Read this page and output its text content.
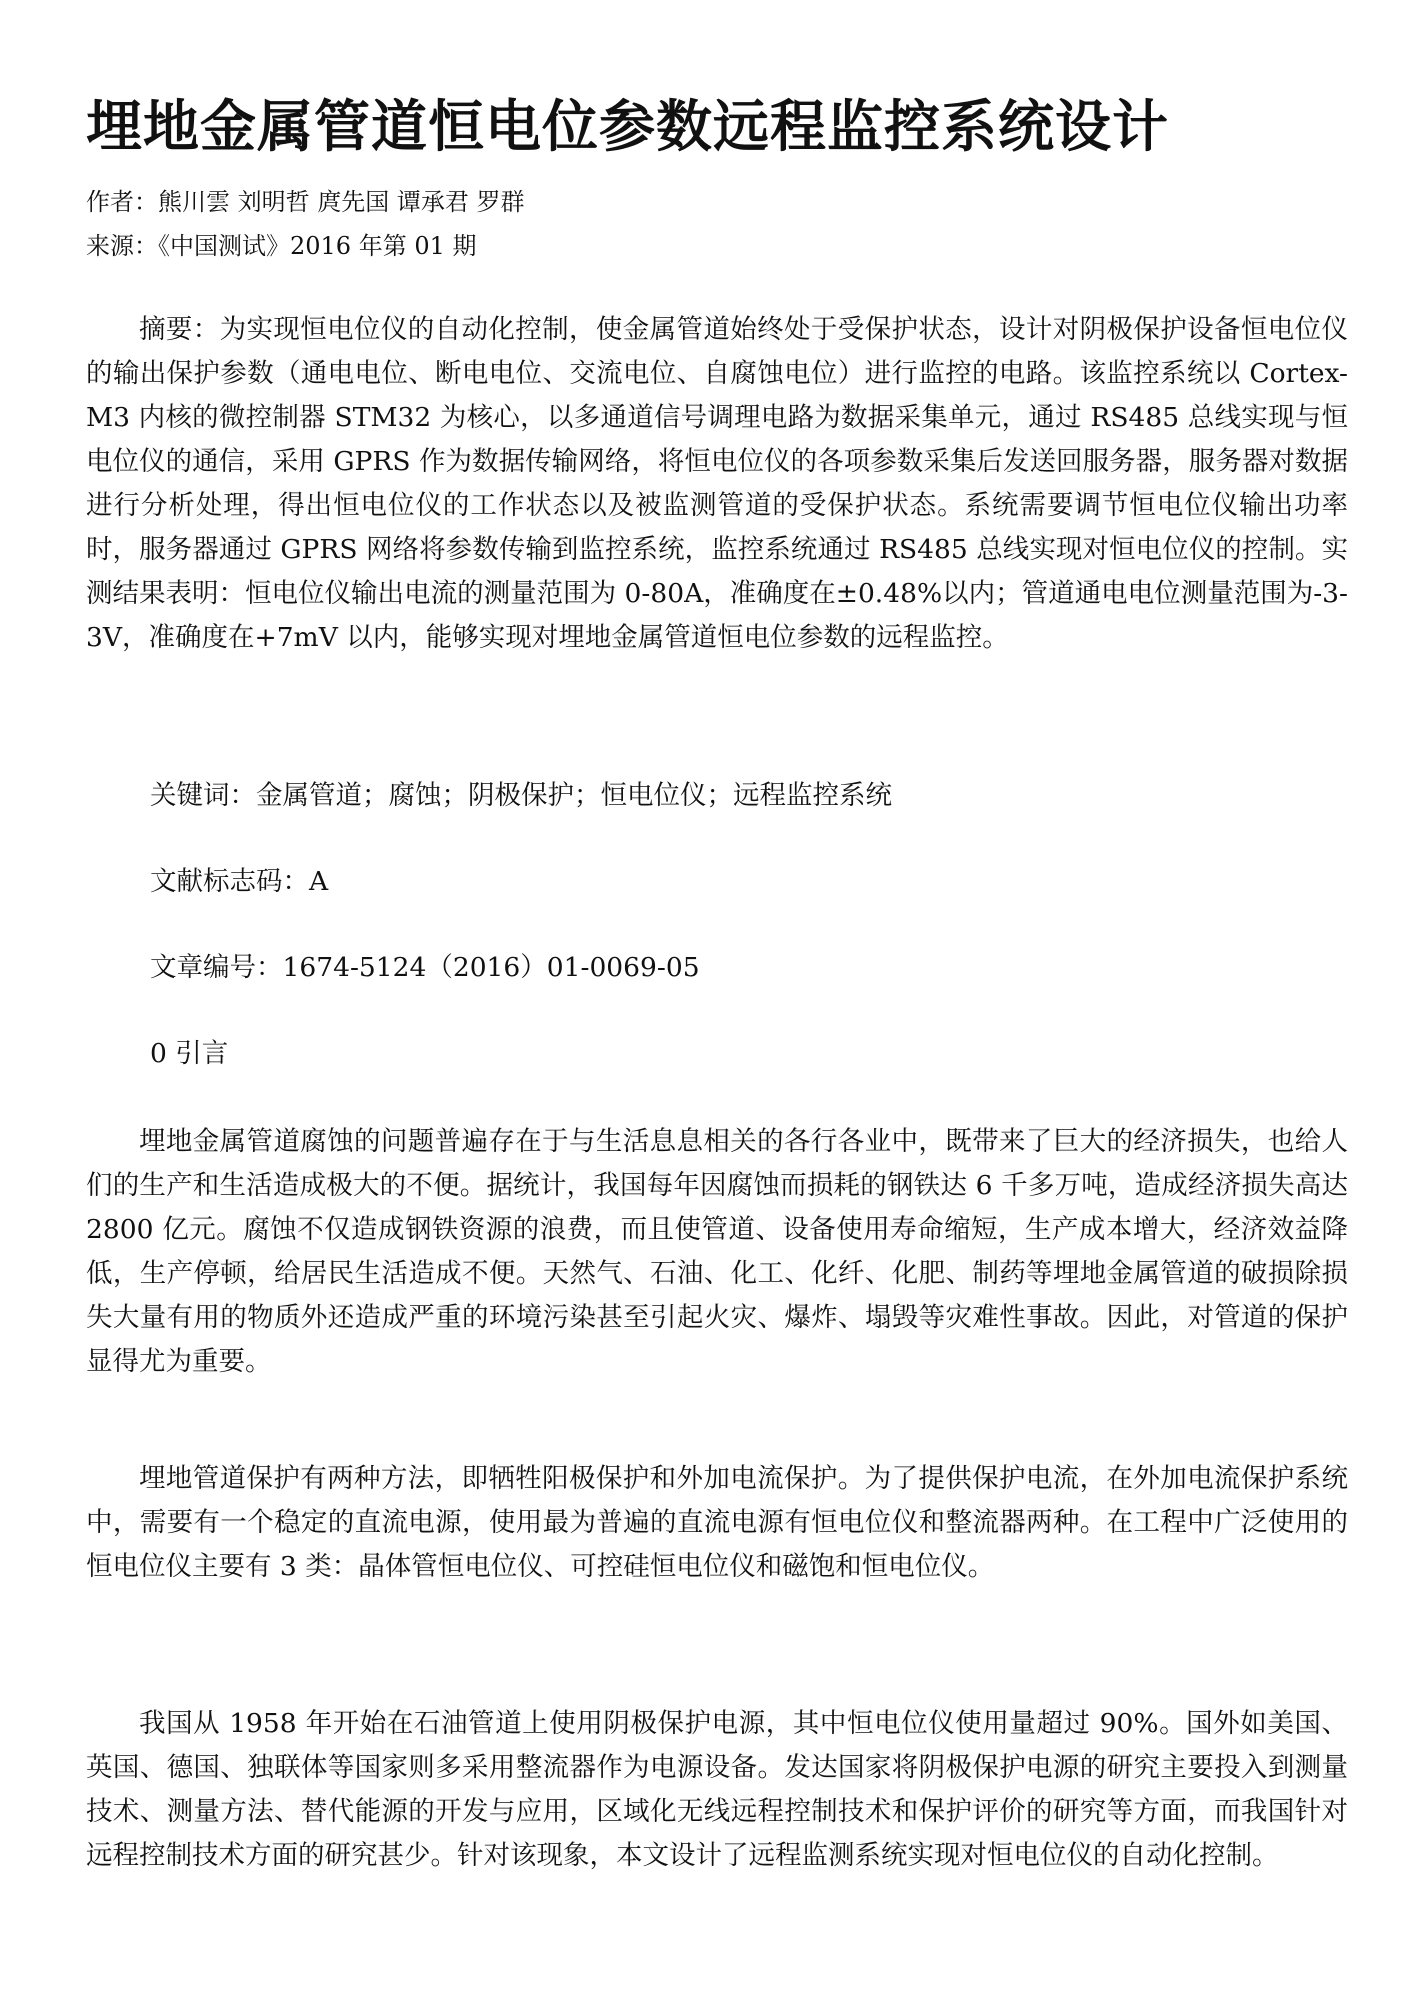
埋地金属管道恒电位参数远程监控系统设计
作者：熊川雲 刘明哲 庹先国 谭承君 罗群
来源：《中国测试》2016 年第 01 期

摘要：为实现恒电位仪的自动化控制，使金属管道始终处于受保护状态，设计对阴极保护设备恒电位仪的输出保护参数（通电电位、断电电位、交流电位、自腐蚀电位）进行监控的电路。该监控系统以 Cortex-M3 内核的微控制器 STM32 为核心，以多通道信号调理电路为数据采集单元，通过 RS485 总线实现与恒电位仪的通信，采用 GPRS 作为数据传输网络，将恒电位仪的各项参数采集后发送回服务器，服务器对数据进行分析处理，得出恒电位仪的工作状态以及被监测管道的受保护状态。系统需要调节恒电位仪输出功率时，服务器通过 GPRS 网络将参数传输到监控系统，监控系统通过 RS485 总线实现对恒电位仪的控制。实测结果表明：恒电位仪输出电流的测量范围为 0-80A，准确度在±0.48%以内；管道通电电位测量范围为-3-3V，准确度在+7mV 以内，能够实现对埋地金属管道恒电位参数的远程监控。

关键词：金属管道；腐蚀；阴极保护；恒电位仪；远程监控系统
文献标志码：A
文章编号：1674-5124（2016）01-0069-05
0 引言

埋地金属管道腐蚀的问题普遍存在于与生活息息相关的各行各业中，既带来了巨大的经济损失，也给人们的生产和生活造成极大的不便。据统计，我国每年因腐蚀而损耗的钢铁达 6 千多万吨，造成经济损失高达 2800 亿元。腐蚀不仅造成钢铁资源的浪费，而且使管道、设备使用寿命缩短，生产成本增大，经济效益降低，生产停顿，给居民生活造成不便。天然气、石油、化工、化纤、化肥、制药等埋地金属管道的破损除损失大量有用的物质外还造成严重的环境污染甚至引起火灾、爆炸、塌毁等灾难性事故。因此，对管道的保护显得尤为重要。

埋地管道保护有两种方法，即牺牲阳极保护和外加电流保护。为了提供保护电流，在外加电流保护系统中，需要有一个稳定的直流电源，使用最为普遍的直流电源有恒电位仪和整流器两种。在工程中广泛使用的恒电位仪主要有 3 类：晶体管恒电位仪、可控硅恒电位仪和磁饱和恒电位仪。

我国从 1958 年开始在石油管道上使用阴极保护电源，其中恒电位仪使用量超过 90%。国外如美国、英国、德国、独联体等国家则多采用整流器作为电源设备。发达国家将阴极保护电源的研究主要投入到测量技术、测量方法、替代能源的开发与应用，区域化无线远程控制技术和保护评价的研究等方面，而我国针对远程控制技术方面的研究甚少。针对该现象，本文设计了远程监测系统实现对恒电位仪的自动化控制。
